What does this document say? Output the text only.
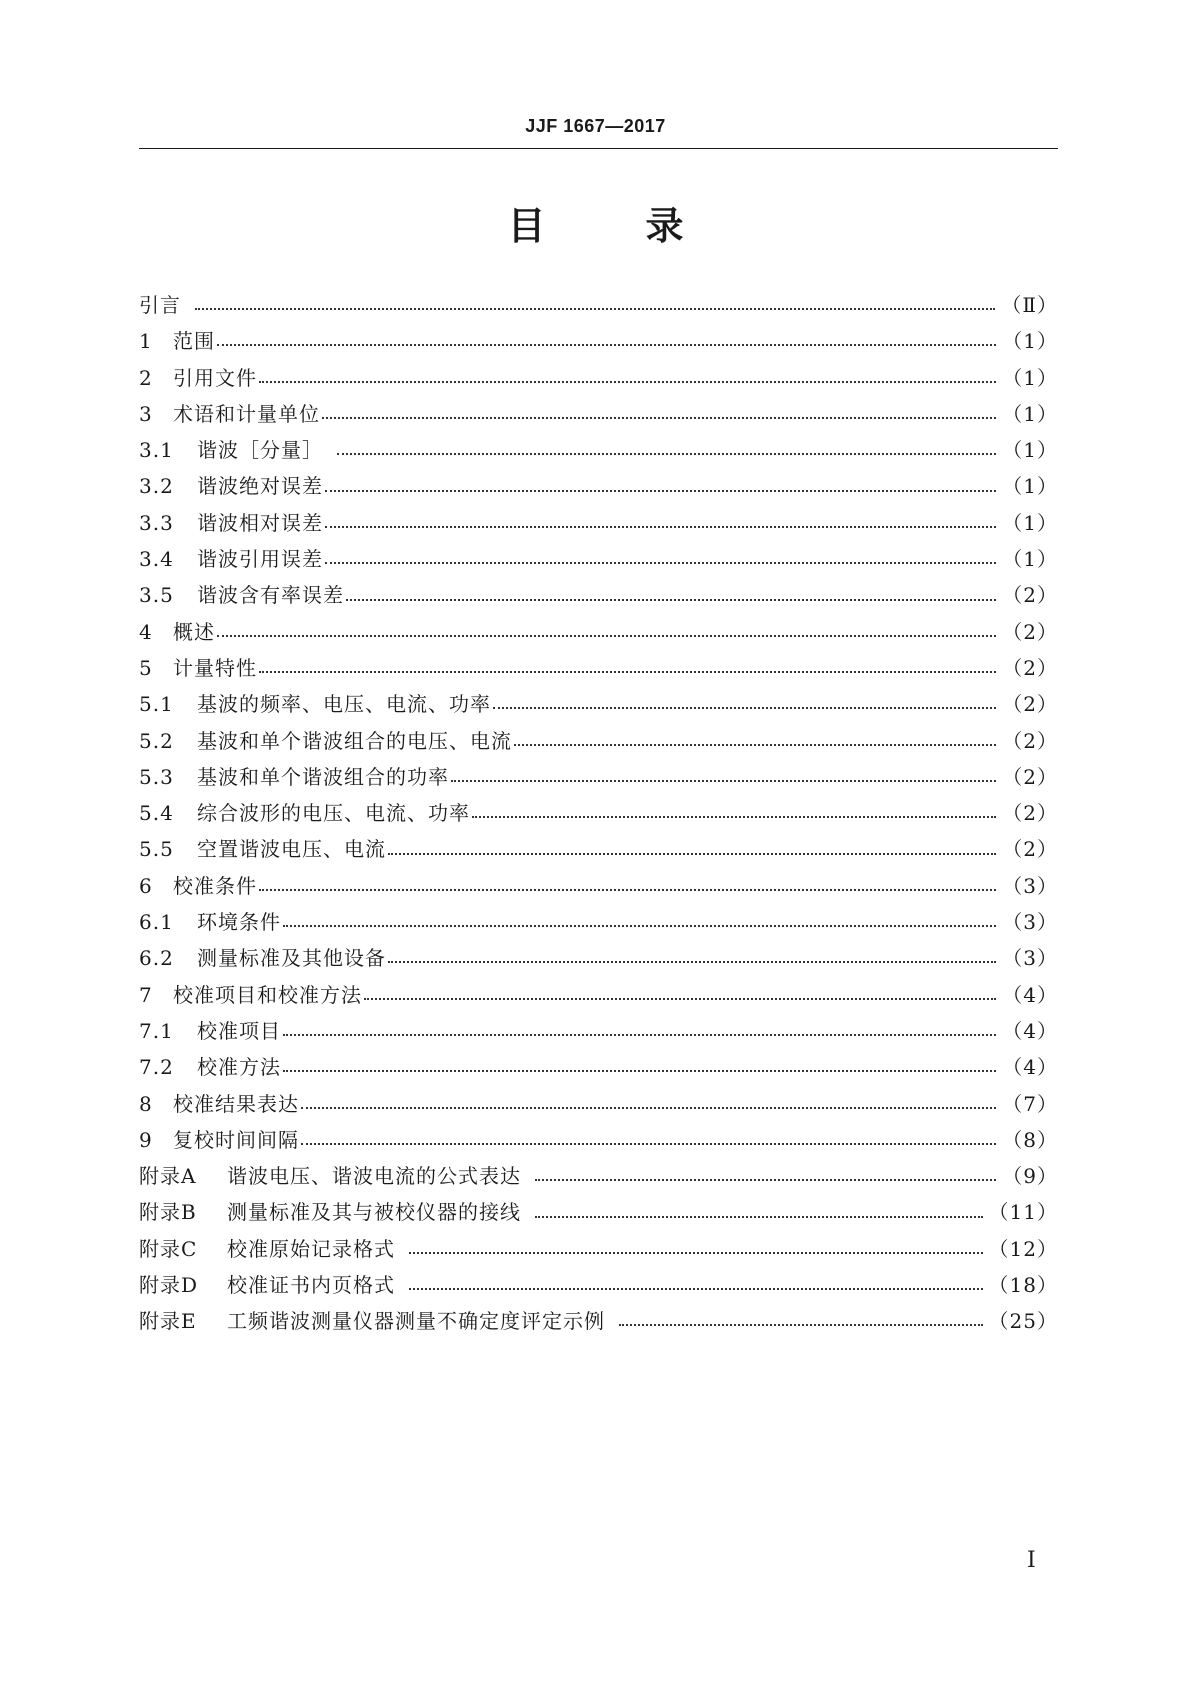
JJF 1667—2017
目	录
引言	（Ⅱ）
1	范围	（1）
2	引用文件	（1）
3	术语和计量单位	（1）
3.1	谐波［分量］	（1）
3.2	谐波绝对误差	（1）
3.3	谐波相对误差	（1）
3.4	谐波引用误差	（1）
3.5	谐波含有率误差	（2）
4	概述	（2）
5	计量特性	（2）
5.1	基波的频率、电压、电流、功率	（2）
5.2	基波和单个谐波组合的电压、电流	（2）
5.3	基波和单个谐波组合的功率	（2）
5.4	综合波形的电压、电流、功率	（2）
5.5	空置谐波电压、电流	（2）
6	校准条件	（3）
6.1	环境条件	（3）
6.2	测量标准及其他设备	（3）
7	校准项目和校准方法	（4）
7.1	校准项目	（4）
7.2	校准方法	（4）
8	校准结果表达	（7）
9	复校时间间隔	（8）
附录A	谐波电压、谐波电流的公式表达	（9）
附录B	测量标准及其与被校仪器的接线	（11）
附录C	校准原始记录格式	（12）
附录D	校准证书内页格式	（18）
附录E	工频谐波测量仪器测量不确定度评定示例	（25）
Ⅰ
